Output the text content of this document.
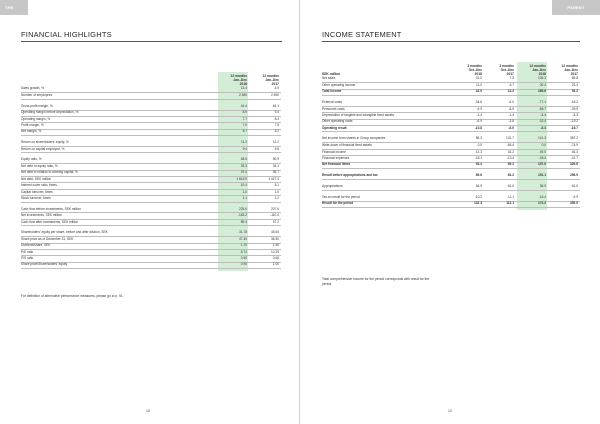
THE GROUP
FINANCIAL HIGHLIGHTS
	12 months
Jan–Dec
2018	12 months
Jan–Dec
2017
Sales growth, %	13.4	4.9
Number of employees	2 480	2 690

Gross profit margin, %	44.4	46.1
Operating margin before depreciation, %	8.9	9.4
Operating margin, %	7.7	8.4
Profit margin, %	7.0	7.5
Net margin, %	5.7	6.2

Return on shareholders' equity, %	11.3	12.2
Return on capital employed, %	9.4	9.8

Equity ratio, %	48.6	50.9
Net debt to equity ratio, %	33.3	34.1
Net debt in relation to working capital, %	37.0	36.7
Net debt, SEK million	1 815.9	1 427.3
Interest cover ratio, times	10.4	8.1
Capital turnover, times	1.0	1.0
Stock turnover, times	1.1	1.2

Cash flow before investments, SEK million	225.6	207.6
Net investments, SEK million	-163.2	-110.4
Cash flow after investments, SEK million	89.4	97.2

Shareholders' equity per share, before and after dilution, SEK	31.78	45.64
Share price as of December 31, SEK	47.40	36.50
Dividend/share, SEK	1.70	1.50
P/E ratio	8.74	10.25
P/S ratio	0.50	0.60
Share price/Shareholders' equity	0.90	1.00
For definition of alternative performance measures, please go to p. 91.
18
PARENT COMPANY
INCOME STATEMENT
SEK million	3 months
Oct–Dec
2018	3 months
Oct–Dec
2017	12 months
Jan–Dec
2018	12 months
Jan–Dec
2017
Net sales	31.0	7.5	135.3	69.8
Other operating income	11.0	6.7	30.4	23.4
Total income	42.0	14.2	165.6	93.2

External costs	-34.6	-6.0	-77.1	-45.2
Personnel costs	-9.9	-8.9	-56.7	-39.5
Depreciation of tangible and intangible fixed assets	-1.4	-1.4	-5.4	-5.3
Other operating costs	-6.9	-3.8	-32.4	-19.2
Operating result	-10.8	-6.0	-6.3	-16.7

Net income from shares in Group companies	85.3	131.7	141.3	387.2
Write-down of financial fixed assets	0.0	-66.4	0.0	-74.9
Financial income	12.3	16.2	49.0	46.3
Financial expenses	-18.1	-13.4	-35.4	-41.7
Net financial items	93.4	69.2	157.0	326.6

Result before appropriations and tax	89.6	63.2	151.1	298.9

Appropriations	54.9	61.0	36.9	61.0

Tax on result for the period	-10.2	-11.1	-16.4	-9.9
Result for the period	132.3	113.1	172.2	350.0
Total comprehensive income for the period corresponds with result for the period.
19
